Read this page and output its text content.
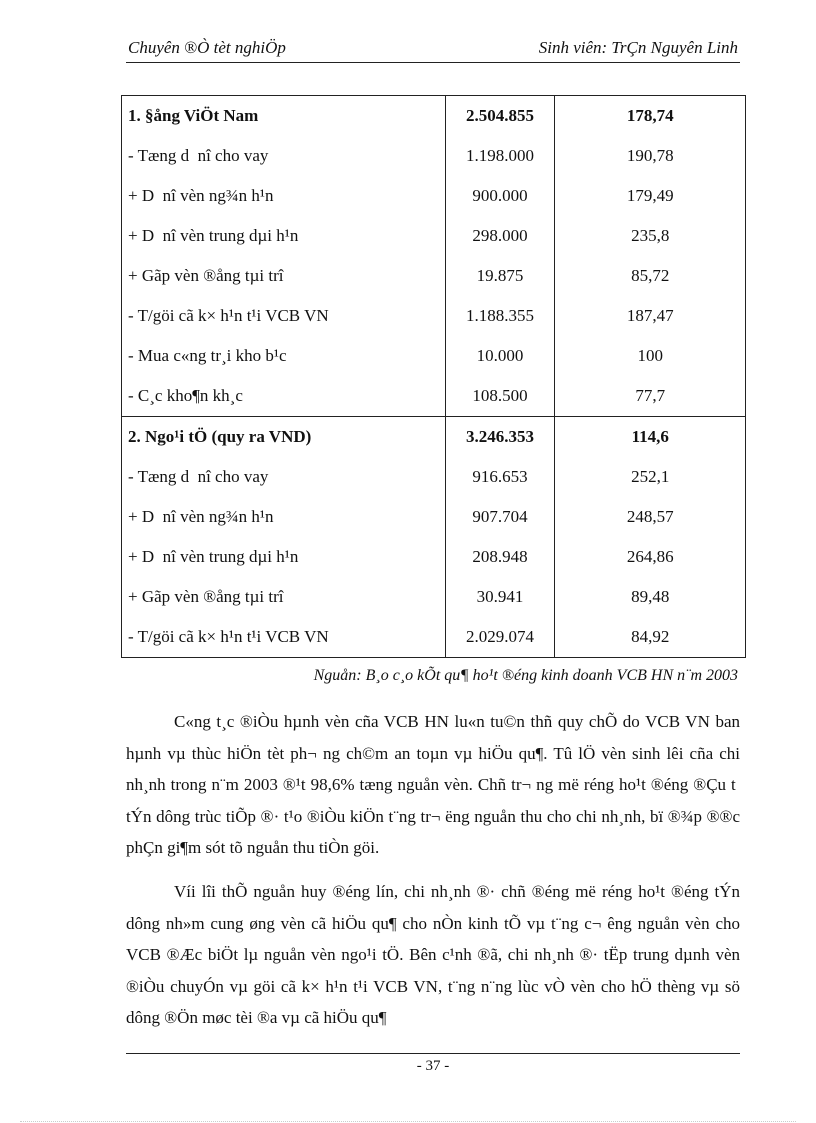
Chuyên ®Ò tèt nghiÖp	Sinh viên: TrÇn Nguyên Linh
1. §ång ViÖt Nam	2.504.855	178,74
- Tæng d  nî cho vay	1.198.000	190,78
+ D  nî vèn ng¾n h¹n	900.000	179,49
+ D  nî vèn trung dµi h¹n	298.000	235,8
+ Gãp vèn ®ång tµi trî	19.875	85,72
- T/göi cã k× h¹n t¹i VCB VN	1.188.355	187,47
- Mua c«ng tr¸i kho b¹c	10.000	100
- C¸c kho¶n kh¸c	108.500	77,7
2. Ngo¹i tÖ (quy ra VND)	3.246.353	114,6
- Tæng d  nî cho vay	916.653	252,1
+ D  nî vèn ng¾n h¹n	907.704	248,57
+ D  nî vèn trung dµi h¹n	208.948	264,86
+ Gãp vèn ®ång tµi trî	30.941	89,48
- T/göi cã k× h¹n t¹i VCB VN	2.029.074	84,92
Nguån: B¸o c¸o kÕt qu¶ ho¹t ®éng kinh doanh VCB HN n¨m 2003
C«ng t¸c ®iÒu hµnh vèn cña VCB HN lu«n tu©n thñ quy chÕ do VCB VN ban hµnh vµ thùc hiÖn tèt ph¬ ng ch©m an toµn vµ hiÖu qu¶. Tû lÖ vèn sinh lêi cña chi nh¸nh trong n¨m 2003 ®¹t 98,6% tæng nguån vèn. Chñ tr¬ ng më réng ho¹t ®éng ®Çu t  tÝn dông trùc tiÕp ®· t¹o ®iÒu kiÖn t¨ng tr¬ ëng nguån thu cho chi nh¸nh, bï ®¾p ®®c phÇn gi¶m sót tõ nguån thu tiÒn göi.
Víi lîi thÕ nguån huy ®éng lín, chi nh¸nh ®· chñ ®éng më réng ho¹t ®éng tÝn dông nh»m cung øng vèn cã hiÖu qu¶ cho nÒn kinh tÕ vµ t¨ng c¬ êng nguån vèn cho VCB ®Æc biÖt lµ nguån vèn ngo¹i tÖ. Bên c¹nh ®ã, chi nh¸nh ®· tËp trung dµnh vèn ®iÒu chuyÓn vµ göi cã k× h¹n t¹i VCB VN, t¨ng n¨ng lùc vÒ vèn cho hÖ thèng vµ sö dông ®Ön møc tèi ®a vµ cã hiÖu qu¶
- 37 -
